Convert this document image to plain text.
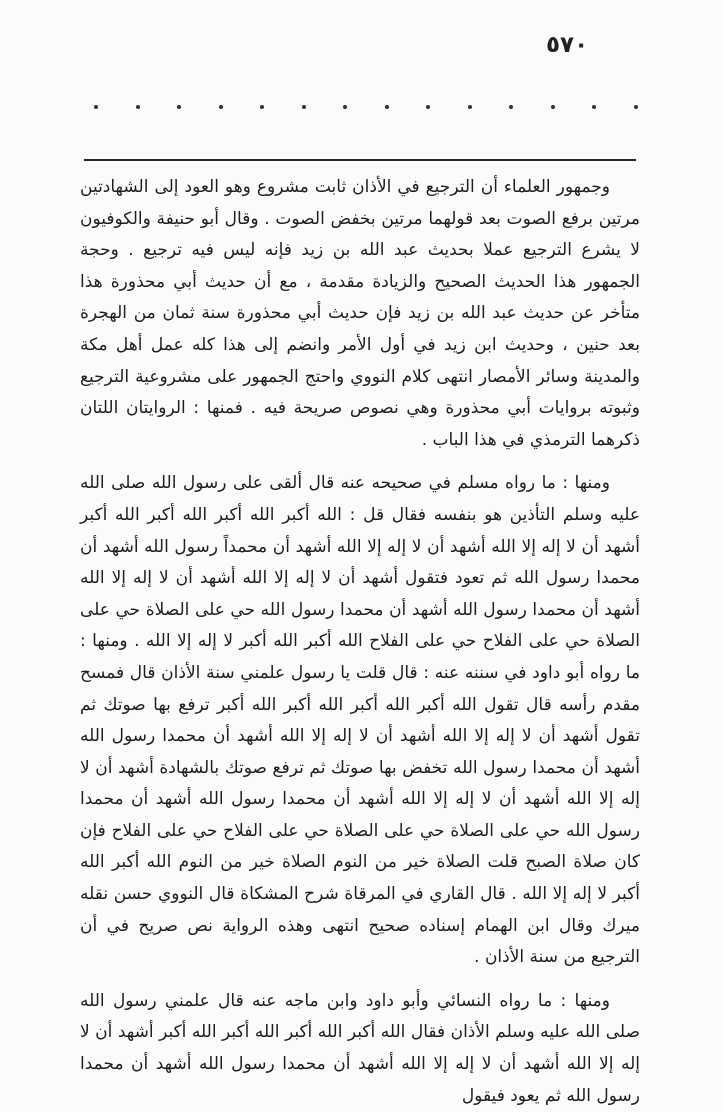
٥٧٠

وجمهور العلماء أن الترجيع في الأذان ثابت مشروع وهو العود إلى الشهادتين مرتين برفع الصوت بعد قولهما مرتين بخفض الصوت . وقال أبو حنيفة والكوفيون لا يشرع الترجيع عملا بحديث عبد الله بن زيد فإنه ليس فيه ترجيع . وحجة الجمهور هذا الحديث الصحيح والزيادة مقدمة ، مع أن حديث أبي محذورة هذا متأخر عن حديث عبد الله بن زيد فإن حديث أبي محذورة سنة ثمان من الهجرة بعد حنين ، وحديث ابن زيد في أول الأمر وانضم إلى هذا كله عمل أهل مكة والمدينة وسائر الأمصار انتهى كلام النووي واحتج الجمهور على مشروعية الترجيع وثبوته بروايات أبي محذورة وهي نصوص صريحة فيه . فمنها : الروايتان اللتان ذكرهما الترمذي في هذا الباب .

ومنها : ما رواه مسلم في صحيحه عنه قال ألقى على رسول الله صلى الله عليه وسلم التأذين هو بنفسه فقال قل : الله أكبر الله أكبر الله أكبر الله أكبر أشهد أن لا إله إلا الله أشهد أن لا إله إلا الله أشهد أن محمداً رسول الله أشهد أن محمدا رسول الله ثم تعود فتقول أشهد أن لا إله إلا الله أشهد أن لا إله إلا الله أشهد أن محمدا رسول الله أشهد أن محمدا رسول الله حي على الصلاة حي على الصلاة حي على الفلاح حي على الفلاح الله أكبر الله أكبر لا إله إلا الله . ومنها : ما رواه أبو داود في سننه عنه : قال قلت يا رسول علمني سنة الأذان قال فمسح مقدم رأسه قال تقول الله أكبر الله أكبر الله أكبر الله أكبر ترفع بها صوتك ثم تقول أشهد أن لا إله إلا الله أشهد أن لا إله إلا الله أشهد أن محمدا رسول الله أشهد أن محمدا رسول الله تخفض بها صوتك ثم ترفع صوتك بالشهادة أشهد أن لا إله إلا الله أشهد أن لا إله إلا الله أشهد أن محمدا رسول الله أشهد أن محمدا رسول الله حي على الصلاة حي على الصلاة حي على الفلاح حي على الفلاح فإن كان صلاة الصبح قلت الصلاة خير من النوم الصلاة خير من النوم الله أكبر الله أكبر لا إله إلا الله . قال القاري في المرقاة شرح المشكاة قال النووي حسن نقله ميرك وقال ابن الهمام إسناده صحيح انتهى وهذه الرواية نص صريح في أن الترجيع من سنة الأذان .

ومنها : ما رواه النسائي وأبو داود وابن ماجه عنه قال علمني رسول الله صلى الله عليه وسلم الأذان فقال الله أكبر الله أكبر الله أكبر الله أكبر أشهد أن لا إله إلا الله أشهد أن لا إله إلا الله أشهد أن محمدا رسول الله أشهد أن محمدا رسول الله ثم يعود فيقول
